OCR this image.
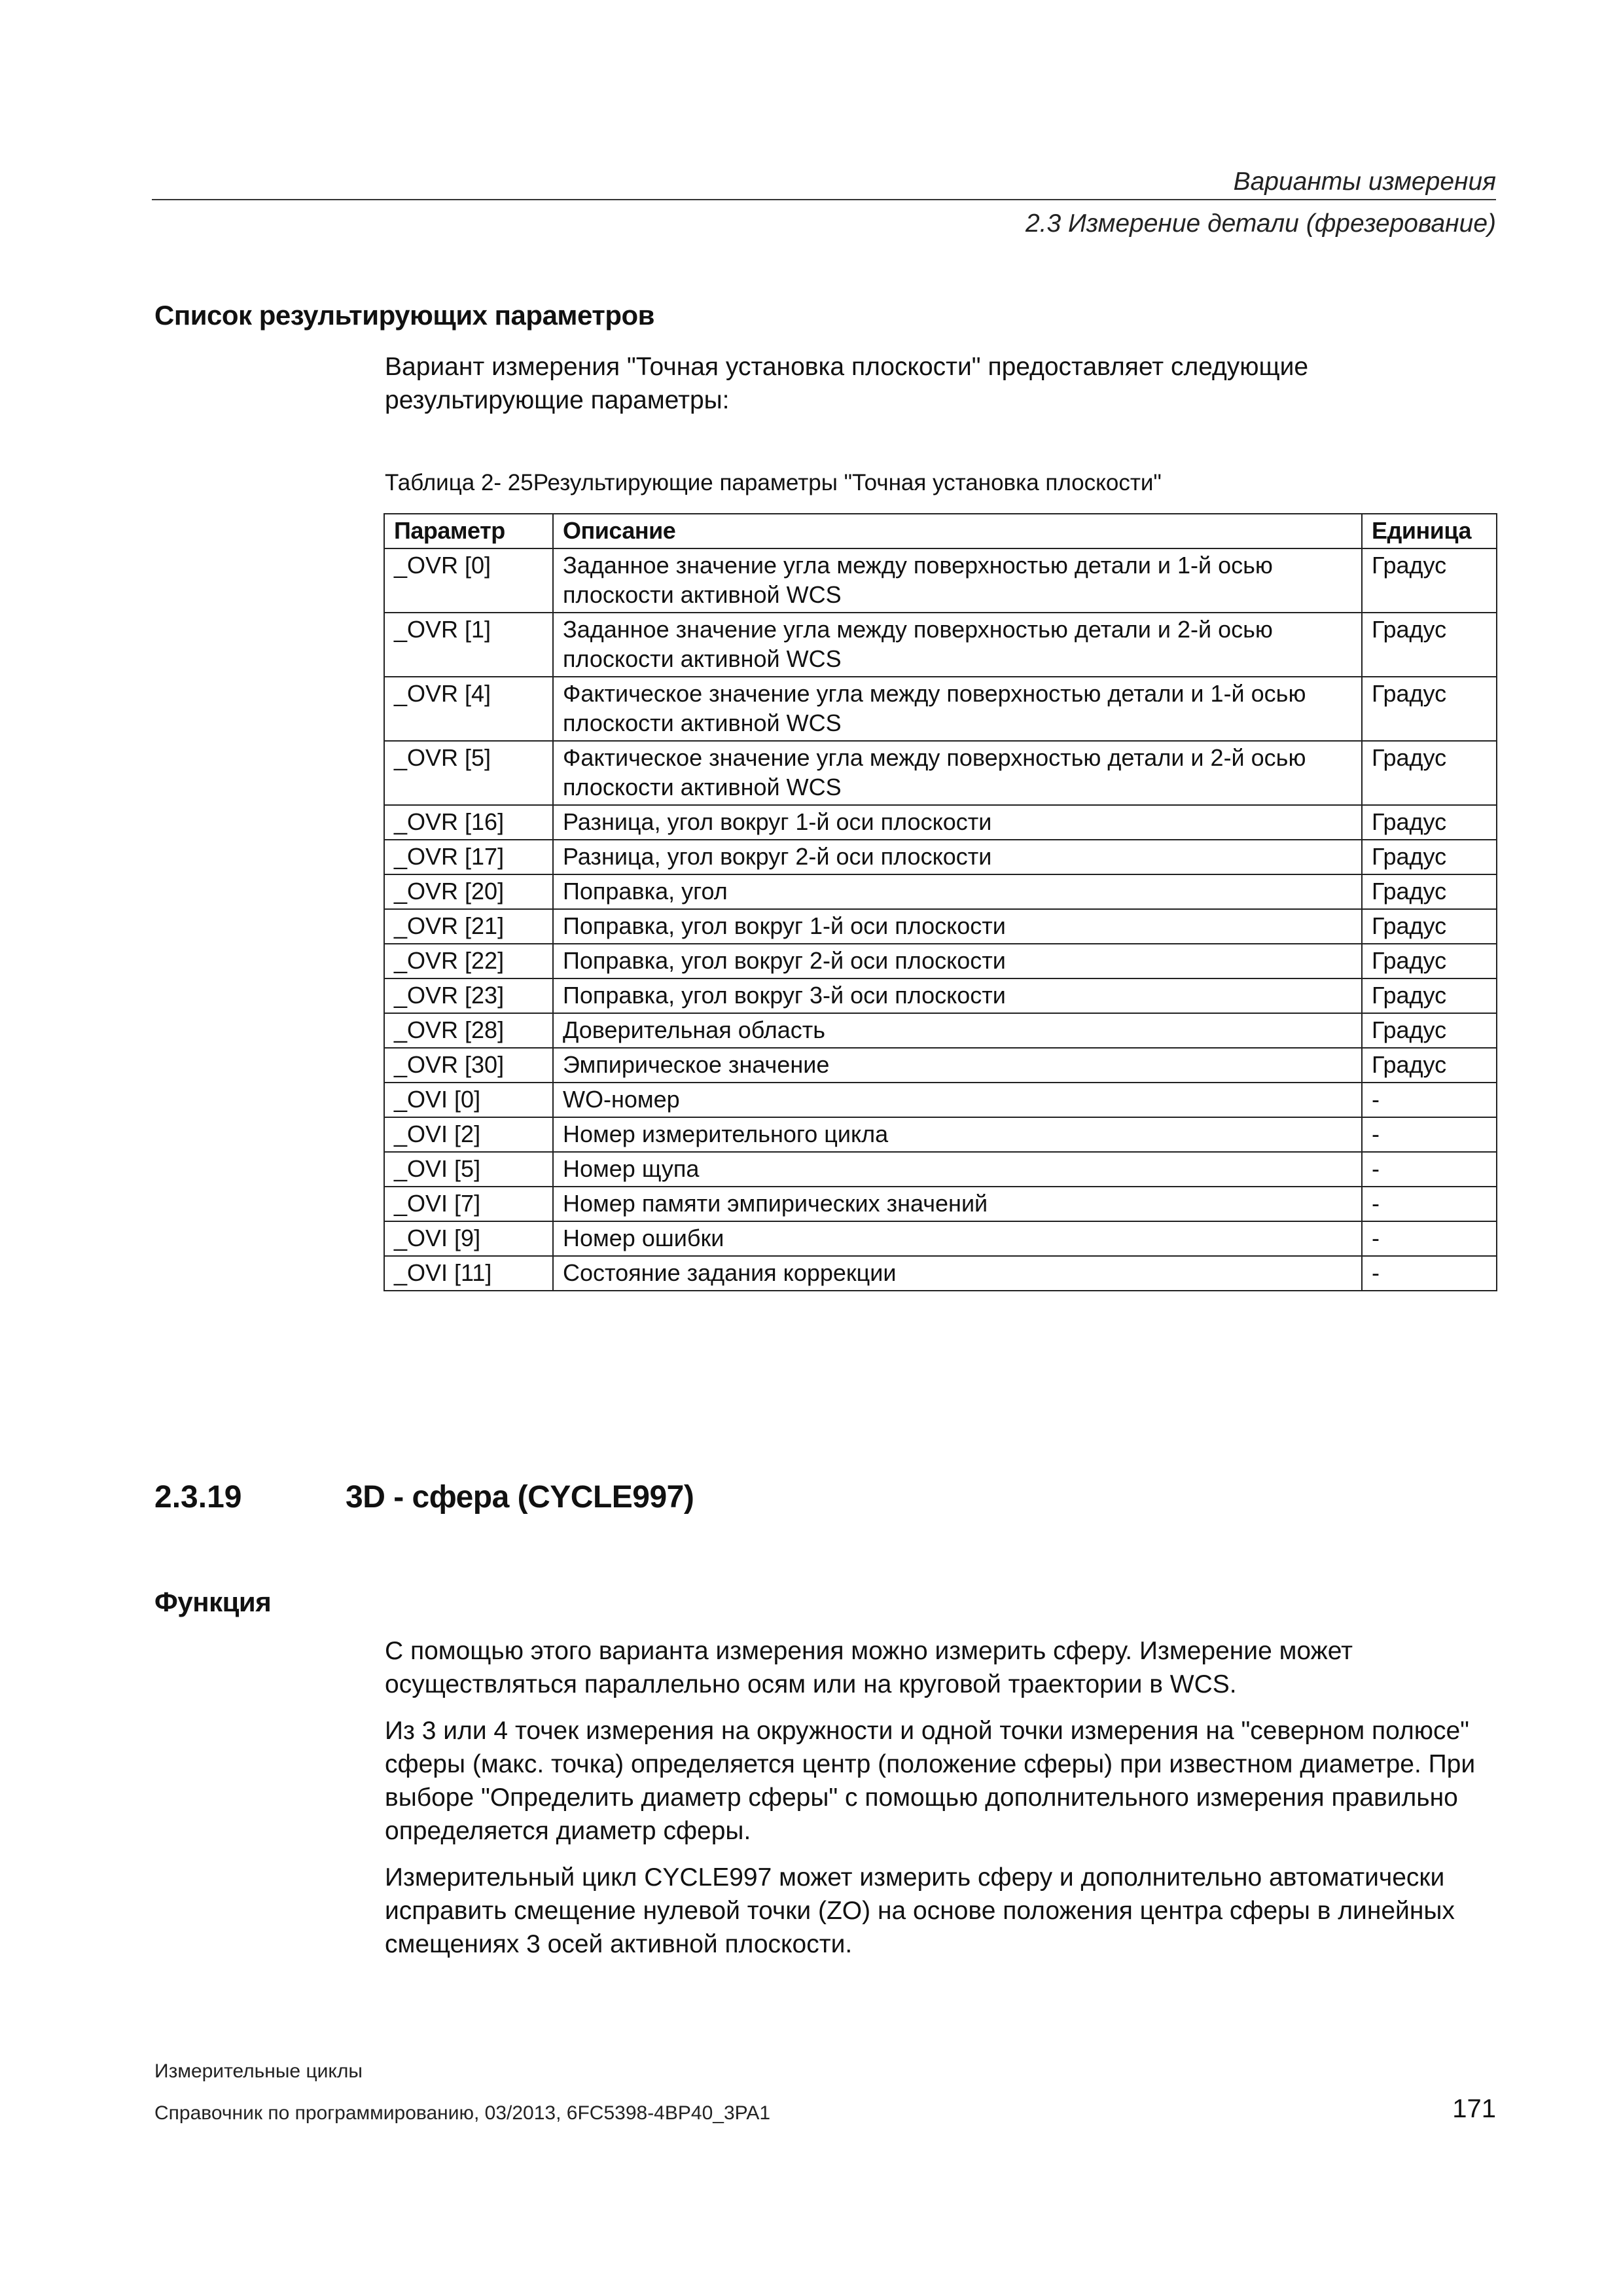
Варианты измерения
2.3 Измерение детали (фрезерование)
Список результирующих параметров

Вариант измерения "Точная установка плоскости" предоставляет следующие результирующие параметры:

Таблица 2- 25Результирующие параметры "Точная установка плоскости"
Параметр	Описание	Единица
_OVR [0]	Заданное значение угла между поверхностью детали и 1-й осью плоскости активной WCS	Градус
_OVR [1]	Заданное значение угла между поверхностью детали и 2-й осью плоскости активной WCS	Градус
_OVR [4]	Фактическое значение угла между поверхностью детали и 1-й осью плоскости активной WCS	Градус
_OVR [5]	Фактическое значение угла между поверхностью детали и 2-й осью плоскости активной WCS	Градус
_OVR [16]	Разница, угол вокруг 1-й оси плоскости	Градус
_OVR [17]	Разница, угол вокруг 2-й оси плоскости	Градус
_OVR [20]	Поправка, угол	Градус
_OVR [21]	Поправка, угол вокруг 1-й оси плоскости	Градус
_OVR [22]	Поправка, угол вокруг 2-й оси плоскости	Градус
_OVR [23]	Поправка, угол вокруг 3-й оси плоскости	Градус
_OVR [28]	Доверительная область	Градус
_OVR [30]	Эмпирическое значение	Градус
_OVI [0]	WO-номер	-
_OVI [2]	Номер измерительного цикла	-
_OVI [5]	Номер щупа	-
_OVI [7]	Номер памяти эмпирических значений	-
_OVI [9]	Номер ошибки	-
_OVI [11]	Состояние задания коррекции	-
2.3.19	3D - сфера (CYCLE997)
Функция

С помощью этого варианта измерения можно измерить сферу. Измерение может осуществляться параллельно осям или на круговой траектории в WCS.

Из 3 или 4 точек измерения на окружности и одной точки измерения на "северном полюсе" сферы (макс. точка) определяется центр (положение сферы) при известном диаметре. При выборе "Определить диаметр сферы" с помощью дополнительного измерения правильно определяется диаметр сферы.

Измерительный цикл CYCLE997 может измерить сферу и дополнительно автоматически исправить смещение нулевой точки (ZO) на основе положения центра сферы в линейных смещениях 3 осей активной плоскости.

Измерительные циклы
Справочник по программированию, 03/2013, 6FC5398-4BP40_3PA1	171
